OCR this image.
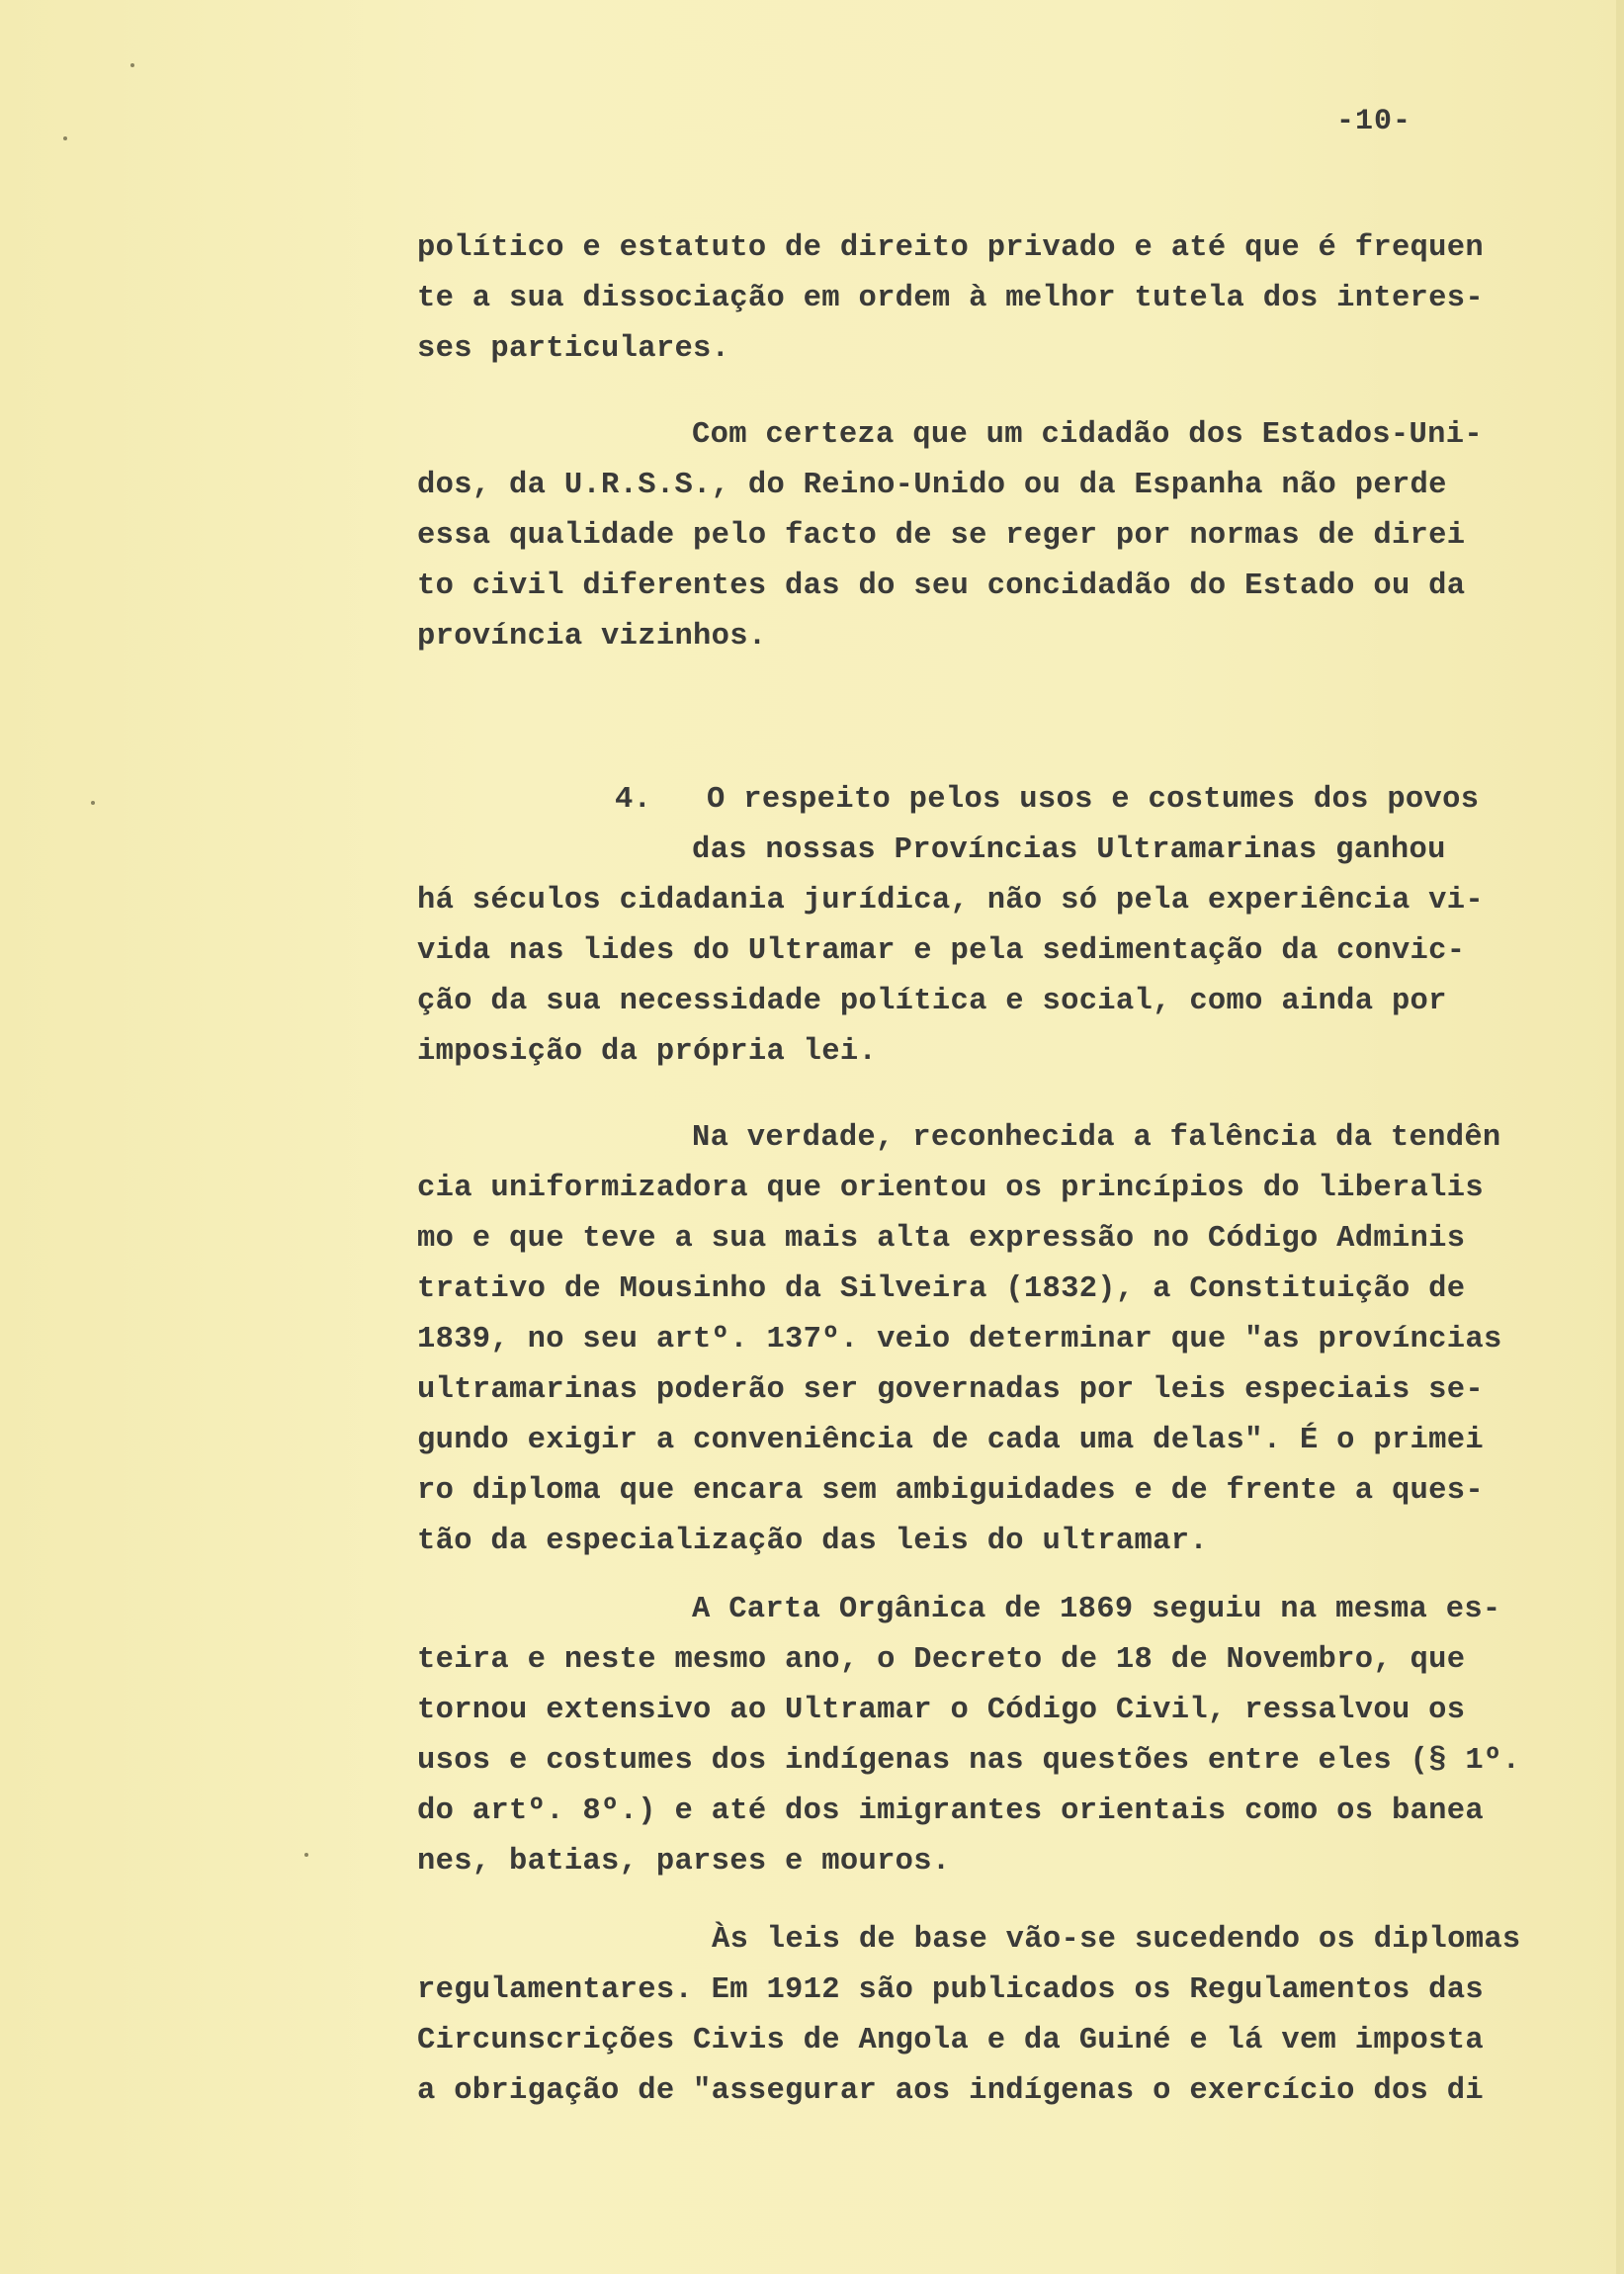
-10-
político e estatuto de direito privado e até que é frequen
te a sua dissociação em ordem à melhor tutela dos interes-
ses particulares.
Com certeza que um cidadão dos Estados-Uni-
dos, da U.R.S.S., do Reino-Unido ou da Espanha não perde
essa qualidade pelo facto de se reger por normas de direi
to civil diferentes das do seu concidadão do Estado ou da
província vizinhos.
4.   O respeito pelos usos e costumes dos povos
das nossas Províncias Ultramarinas ganhou
há séculos cidadania jurídica, não só pela experiência vi-
vida nas lides do Ultramar e pela sedimentação da convic-
ção da sua necessidade política e social, como ainda por
imposição da própria lei.
Na verdade, reconhecida a falência da tendên
cia uniformizadora que orientou os princípios do liberalis
mo e que teve a sua mais alta expressão no Código Adminis
trativo de Mousinho da Silveira (1832), a Constituição de
1839, no seu artº. 137º. veio determinar que "as províncias
ultramarinas poderão ser governadas por leis especiais se-
gundo exigir a conveniência de cada uma delas". É o primei
ro diploma que encara sem ambiguidades e de frente a ques-
tão da especialização das leis do ultramar.
A Carta Orgânica de 1869 seguiu na mesma es-
teira e neste mesmo ano, o Decreto de 18 de Novembro, que
tornou extensivo ao Ultramar o Código Civil, ressalvou os
usos e costumes dos indígenas nas questões entre eles (§ 1º.
do artº. 8º.) e até dos imigrantes orientais como os banea
nes, batias, parses e mouros.
Às leis de base vão-se sucedendo os diplomas
regulamentares. Em 1912 são publicados os Regulamentos das
Circunscrições Civis de Angola e da Guiné e lá vem imposta
a obrigação de "assegurar aos indígenas o exercício dos di
